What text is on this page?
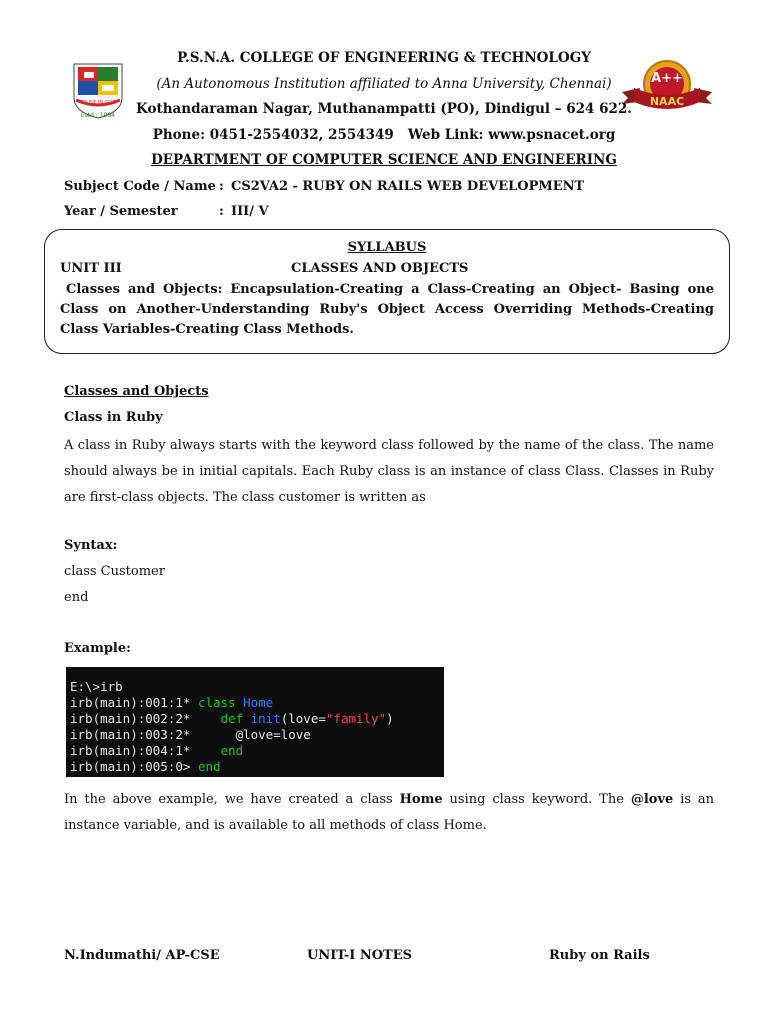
TRUST IN GOD
Estd : 1984
A++
NAAC
P.S.N.A. COLLEGE OF ENGINEERING & TECHNOLOGY
(An Autonomous Institution affiliated to Anna University, Chennai)
Kothandaraman Nagar, Muthanampatti (PO), Dindigul – 624 622.
Phone: 0451-2554032, 2554349   Web Link: www.psnacet.org
DEPARTMENT OF COMPUTER SCIENCE AND ENGINEERING
Subject Code / Name : CS2VA2 - RUBY ON RAILS WEB DEVELOPMENT
Year / Semester	: III/ V
SYLLABUS
UNIT III	CLASSES AND OBJECTS
Classes and Objects: Encapsulation-Creating a Class-Creating an Object- Basing one Class on Another-Understanding Ruby's Object Access Overriding Methods-Creating Class Variables-Creating Class Methods.
Classes and Objects
Class in Ruby
A class in Ruby always starts with the keyword class followed by the name of the class. The name should always be in initial capitals. Each Ruby class is an instance of class Class. Classes in Ruby are first-class objects. The class customer is written as
Syntax:
class Customer
end
Example:
E:\>irb
irb(main):001:1* class Home
irb(main):002:2*    def init(love="family")
irb(main):003:2*      @love=love
irb(main):004:1*    end
irb(main):005:0> end
In the above example, we have created a class Home using class keyword. The @love is an instance variable, and is available to all methods of class Home.
N.Indumathi/ AP-CSE	UNIT-I NOTES	Ruby on Rails
